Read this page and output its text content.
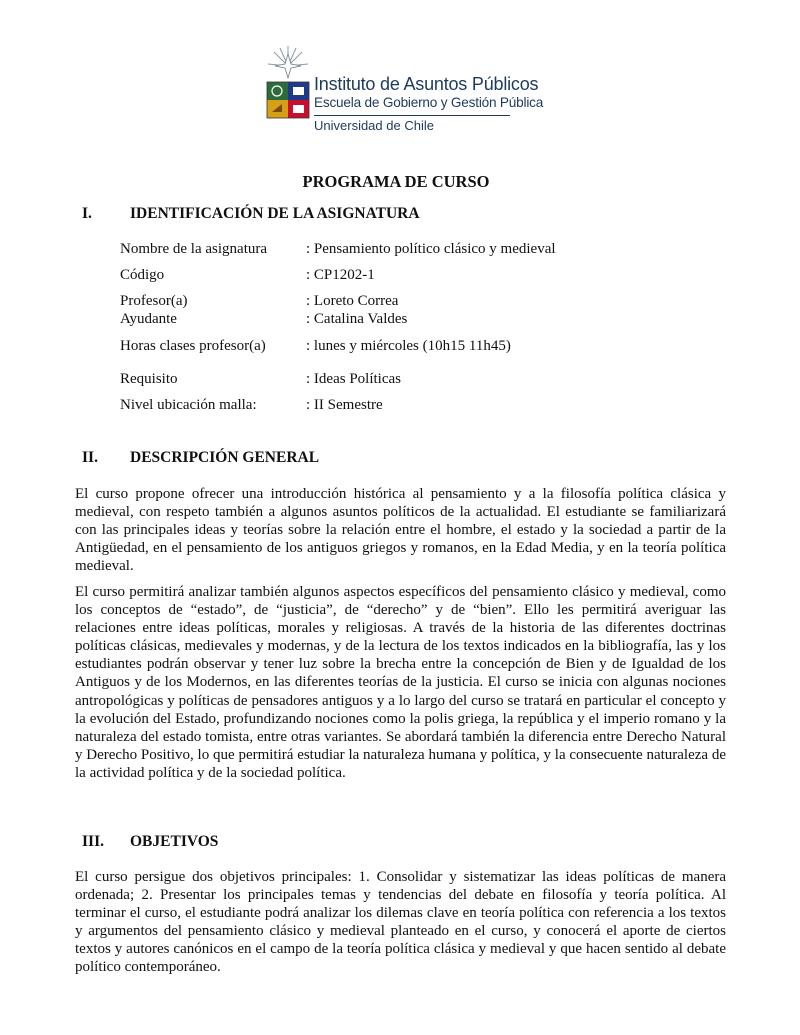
Instituto de Asuntos Públicos
Escuela de Gobierno y Gestión Pública
Universidad de Chile
PROGRAMA DE CURSO
I. IDENTIFICACIÓN DE LA ASIGNATURA
Nombre de la asignatura	: Pensamiento político clásico y medieval
Código	: CP1202-1
Profesor(a)	: Loreto Correa
Ayudante	: Catalina Valdes
Horas clases profesor(a)	: lunes y miércoles (10h15 11h45)
Requisito	: Ideas Políticas
Nivel ubicación malla:	: II Semestre
II. DESCRIPCIÓN GENERAL
El curso propone ofrecer una introducción histórica al pensamiento y a la filosofía política clásica y medieval, con respeto también a algunos asuntos políticos de la actualidad. El estudiante se familiarizará con las principales ideas y teorías sobre la relación entre el hombre, el estado y la sociedad a partir de la Antigüedad, en el pensamiento de los antiguos griegos y romanos, en la Edad Media, y en la teoría política medieval.
El curso permitirá analizar también algunos aspectos específicos del pensamiento clásico y medieval, como los conceptos de “estado”, de “justicia”, de “derecho” y de “bien”. Ello les permitirá averiguar las relaciones entre ideas políticas, morales y religiosas. A través de la historia de las diferentes doctrinas políticas clásicas, medievales y modernas, y de la lectura de los textos indicados en la bibliografía, las y los estudiantes podrán observar y tener luz sobre la brecha entre la concepción de Bien y de Igualdad de los Antiguos y de los Modernos, en las diferentes teorías de la justicia. El curso se inicia con algunas nociones antropológicas y políticas de pensadores antiguos y a lo largo del curso se tratará en particular el concepto y la evolución del Estado, profundizando nociones como la polis griega, la república y el imperio romano y la naturaleza del estado tomista, entre otras variantes. Se abordará también la diferencia entre Derecho Natural y Derecho Positivo, lo que permitirá estudiar la naturaleza humana y política, y la consecuente naturaleza de la actividad política y de la sociedad política.
III. OBJETIVOS
El curso persigue dos objetivos principales: 1. Consolidar y sistematizar las ideas políticas de manera ordenada; 2. Presentar los principales temas y tendencias del debate en filosofía y teoría política. Al terminar el curso, el estudiante podrá analizar los dilemas clave en teoría política con referencia a los textos y argumentos del pensamiento clásico y medieval planteado en el curso, y conocerá el aporte de ciertos textos y autores canónicos en el campo de la teoría política clásica y medieval y que hacen sentido al debate político contemporáneo.
